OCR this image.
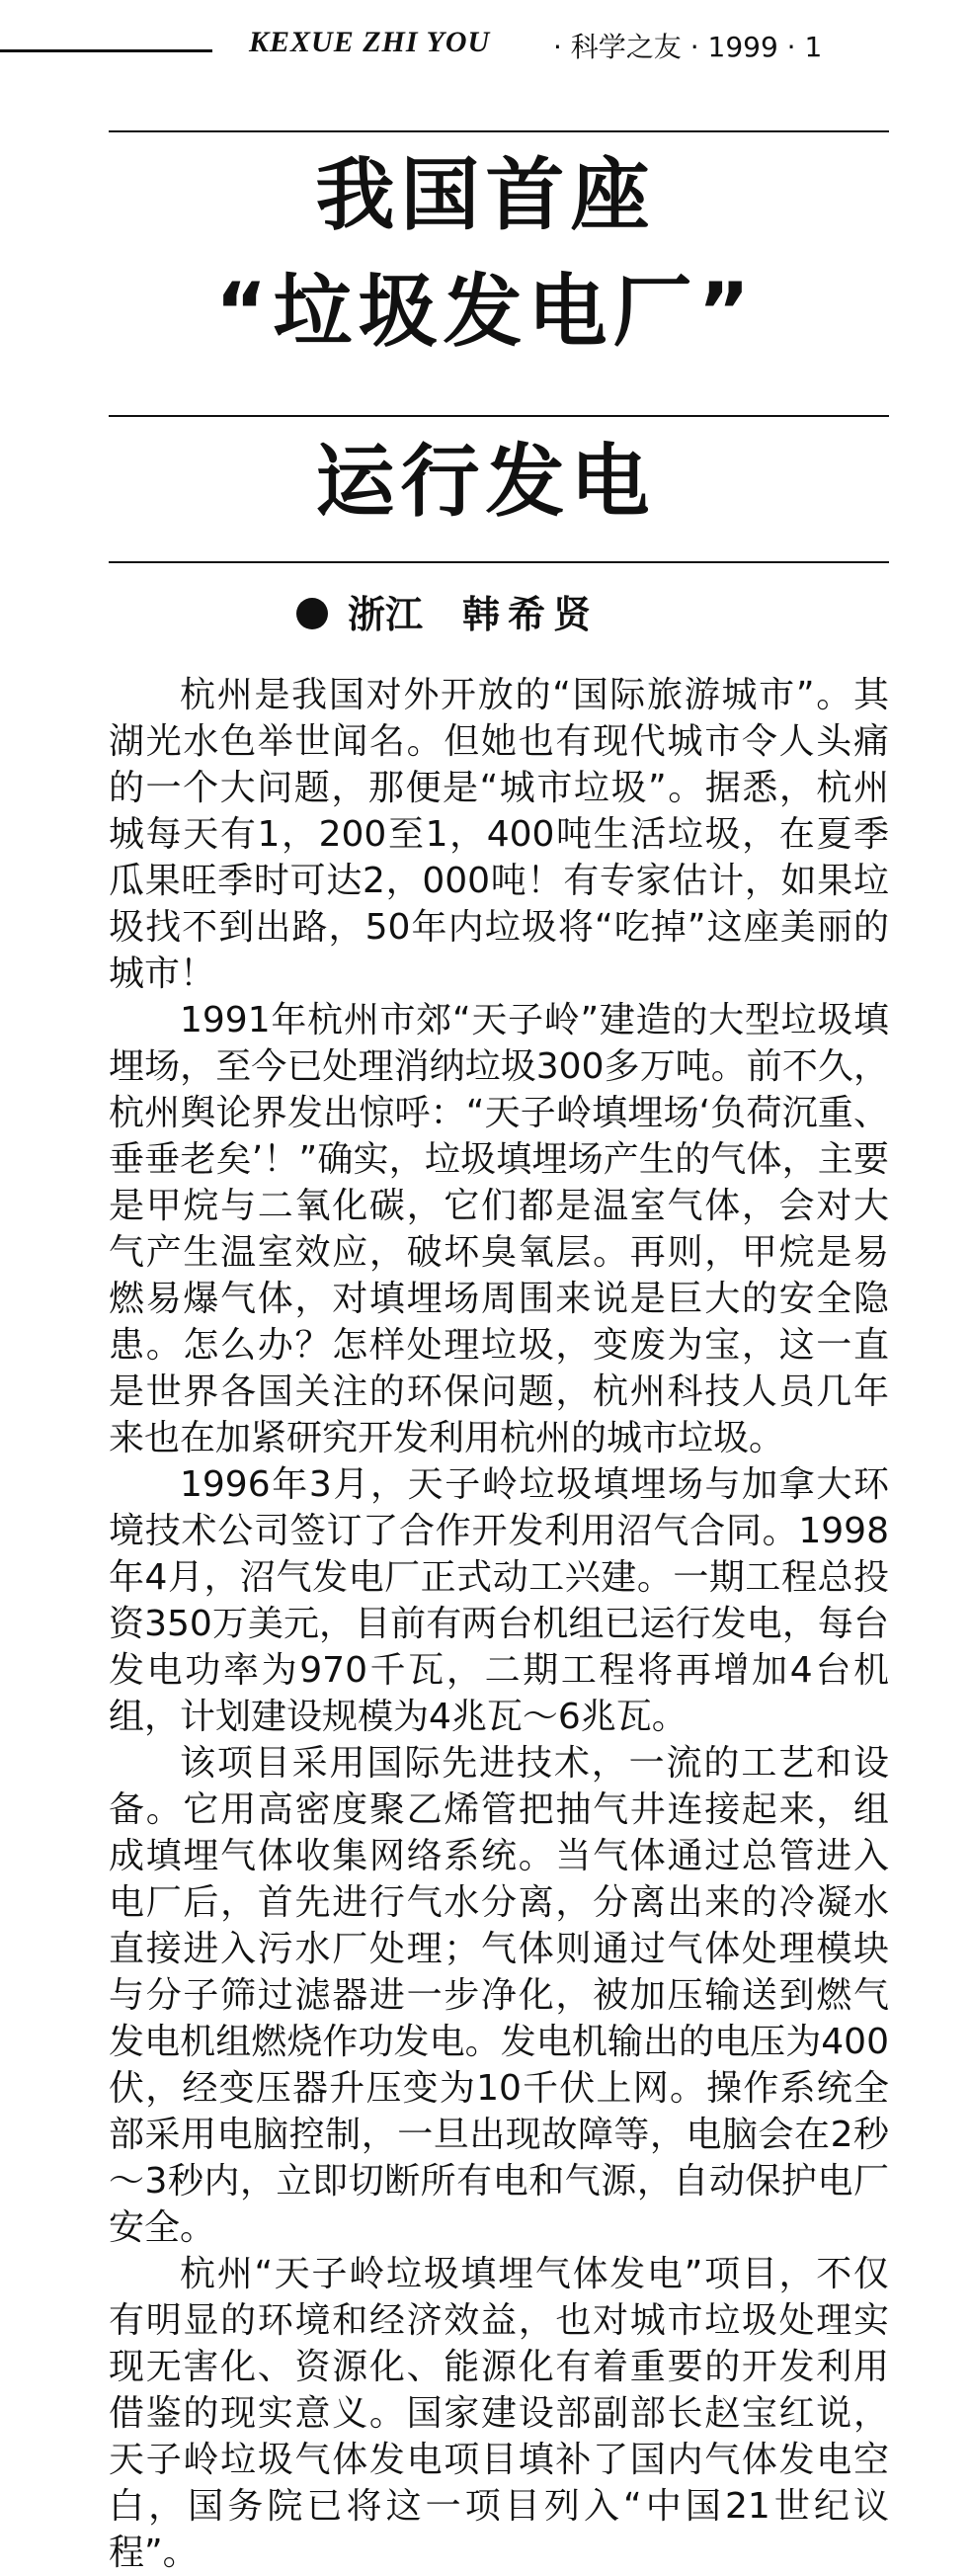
KEXUE ZHI YOU · 科学之友 · 1999 · 1
我国首座
“垃圾发电厂”
运行发电
浙江 韩希贤

杭州是我国对外开放的“国际旅游城市”。其湖光水色举世闻名。但她也有现代城市令人头痛的一个大问题，那便是“城市垃圾”。据悉，杭州城每天有1，200至1，400吨生活垃圾，在夏季瓜果旺季时可达2，000吨！有专家估计，如果垃圾找不到出路，50年内垃圾将“吃掉”这座美丽的城市！

1991年杭州市郊“天子岭”建造的大型垃圾填埋场，至今已处理消纳垃圾300多万吨。前不久，杭州舆论界发出惊呼：“天子岭填埋场‘负荷沉重、垂垂老矣’！”确实，垃圾填埋场产生的气体，主要是甲烷与二氧化碳，它们都是温室气体，会对大气产生温室效应，破坏臭氧层。再则，甲烷是易燃易爆气体，对填埋场周围来说是巨大的安全隐患。怎么办？怎样处理垃圾，变废为宝，这一直是世界各国关注的环保问题，杭州科技人员几年来也在加紧研究开发利用杭州的城市垃圾。

1996年3月，天子岭垃圾填埋场与加拿大环境技术公司签订了合作开发利用沼气合同。1998年4月，沼气发电厂正式动工兴建。一期工程总投资350万美元，目前有两台机组已运行发电，每台发电功率为970千瓦，二期工程将再增加4台机组，计划建设规模为4兆瓦～6兆瓦。

该项目采用国际先进技术，一流的工艺和设备。它用高密度聚乙烯管把抽气井连接起来，组成填埋气体收集网络系统。当气体通过总管进入电厂后，首先进行气水分离，分离出来的冷凝水直接进入污水厂处理；气体则通过气体处理模块与分子筛过滤器进一步净化，被加压输送到燃气发电机组燃烧作功发电。发电机输出的电压为400伏，经变压器升压变为10千伏上网。操作系统全部采用电脑控制，一旦出现故障等，电脑会在2秒～3秒内，立即切断所有电和气源，自动保护电厂安全。

杭州“天子岭垃圾填埋气体发电”项目，不仅有明显的环境和经济效益，也对城市垃圾处理实现无害化、资源化、能源化有着重要的开发利用借鉴的现实意义。国家建设部副部长赵宝红说，天子岭垃圾气体发电项目填补了国内气体发电空白，国务院已将这一项目列入“中国21世纪议程”。
